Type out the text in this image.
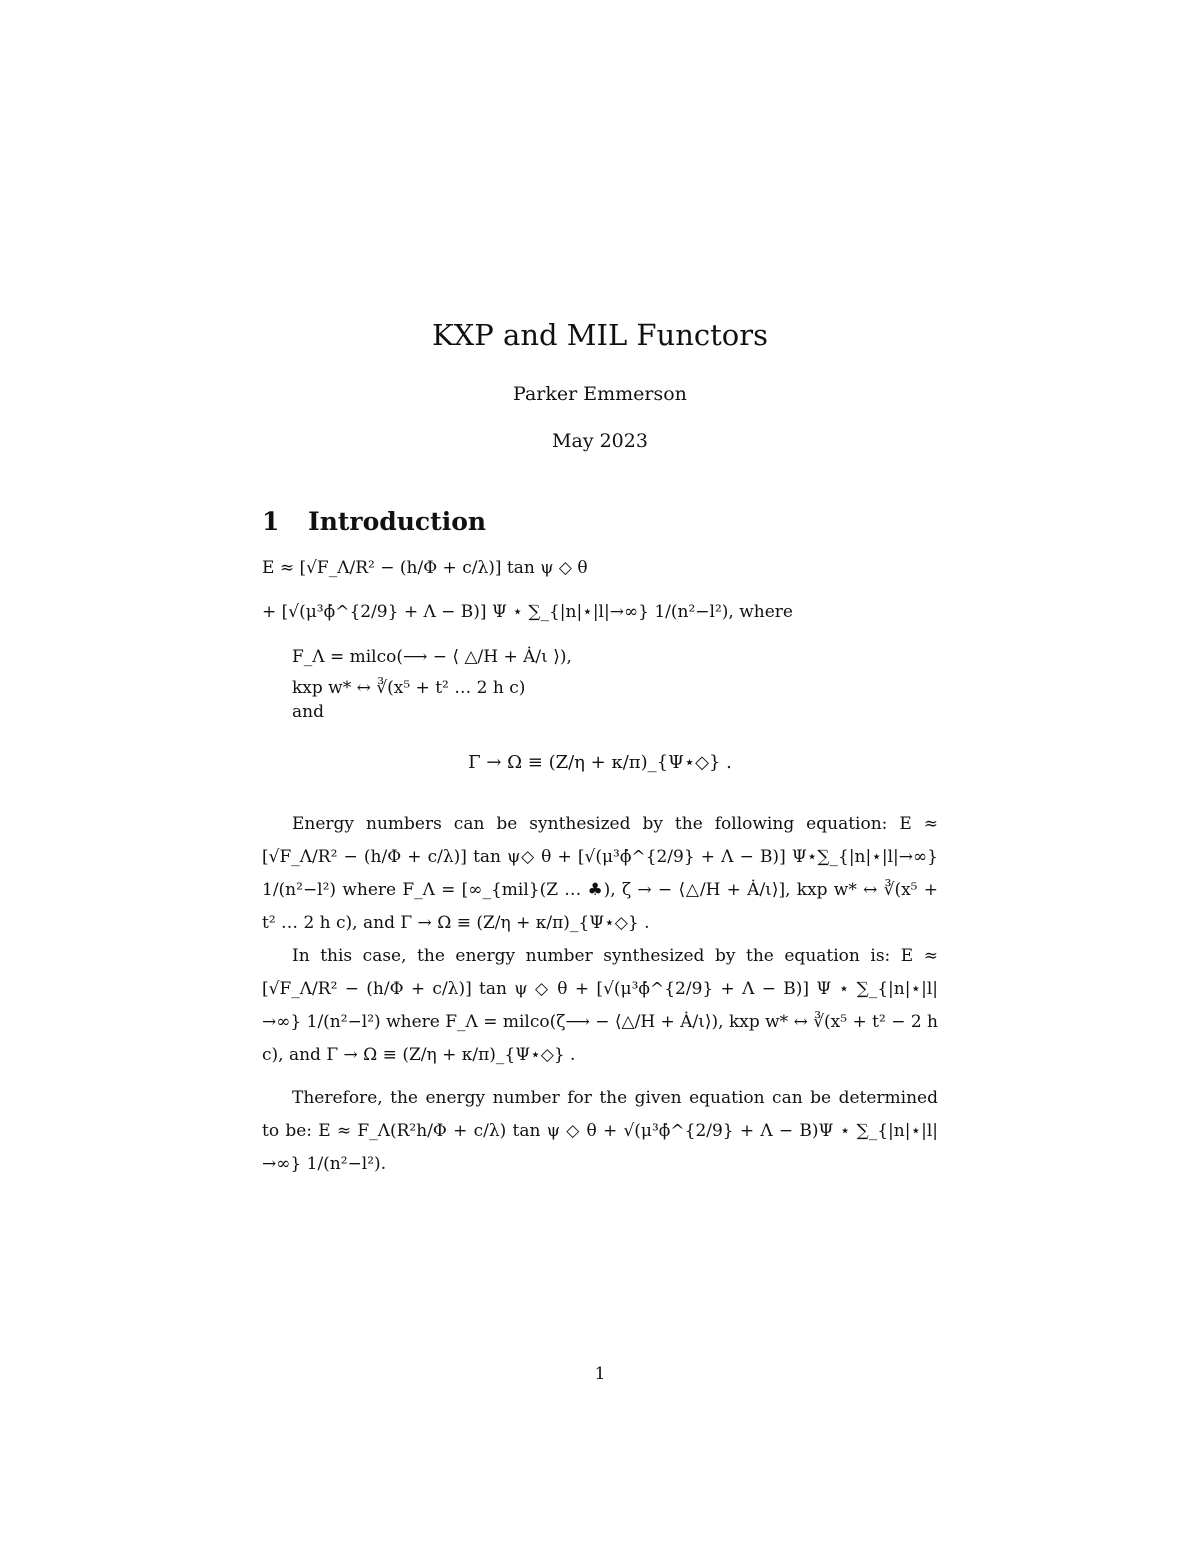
KXP and MIL Functors
Parker Emmerson
May 2023
1 Introduction
E ≈ [√F_Λ/R² − (h/Φ + c/λ)] tan ψ ◇ θ
+ [√(μ³ϕ̇^{2/9} + Λ − B)] Ψ ⋆ ∑_{|n|⋆|l|→∞} 1/(n²−l²), where
F_Λ = milco(⟶ − ⟨ △/H + Ȧ/ι ⟩),
kxp w* ↔ ∛(x⁵ + t² … 2 h c)
and
Γ → Ω ≡ (Z/η + κ/π)_{Ψ⋆◇} .
Energy numbers can be synthesized by the following equation: E ≈ [√F_Λ/R² − (h/Φ + c/λ)] tan ψ◇ θ + [√(μ³ϕ̇^{2/9} + Λ − B)] Ψ⋆∑_{|n|⋆|l|→∞} 1/(n²−l²) where F_Λ = [∞_{mil}(Z … ♣), ζ → − ⟨△/H + Ȧ/ι⟩], kxp w* ↔ ∛(x⁵ + t² … 2 h c), and Γ → Ω ≡ (Z/η + κ/π)_{Ψ⋆◇} .
In this case, the energy number synthesized by the equation is: E ≈ [√F_Λ/R² − (h/Φ + c/λ)] tan ψ ◇ θ + [√(μ³ϕ̇^{2/9} + Λ − B)] Ψ ⋆ ∑_{|n|⋆|l|→∞} 1/(n²−l²) where F_Λ = milco(ζ⟶ − ⟨△/H + Ȧ/ι⟩), kxp w* ↔ ∛(x⁵ + t² − 2 h c), and Γ → Ω ≡ (Z/η + κ/π)_{Ψ⋆◇} .
Therefore, the energy number for the given equation can be determined to be: E ≈ F_Λ(R²h/Φ + c/λ) tan ψ ◇ θ + √(μ³ϕ̇^{2/9} + Λ − B)Ψ ⋆ ∑_{|n|⋆|l|→∞} 1/(n²−l²).
1
